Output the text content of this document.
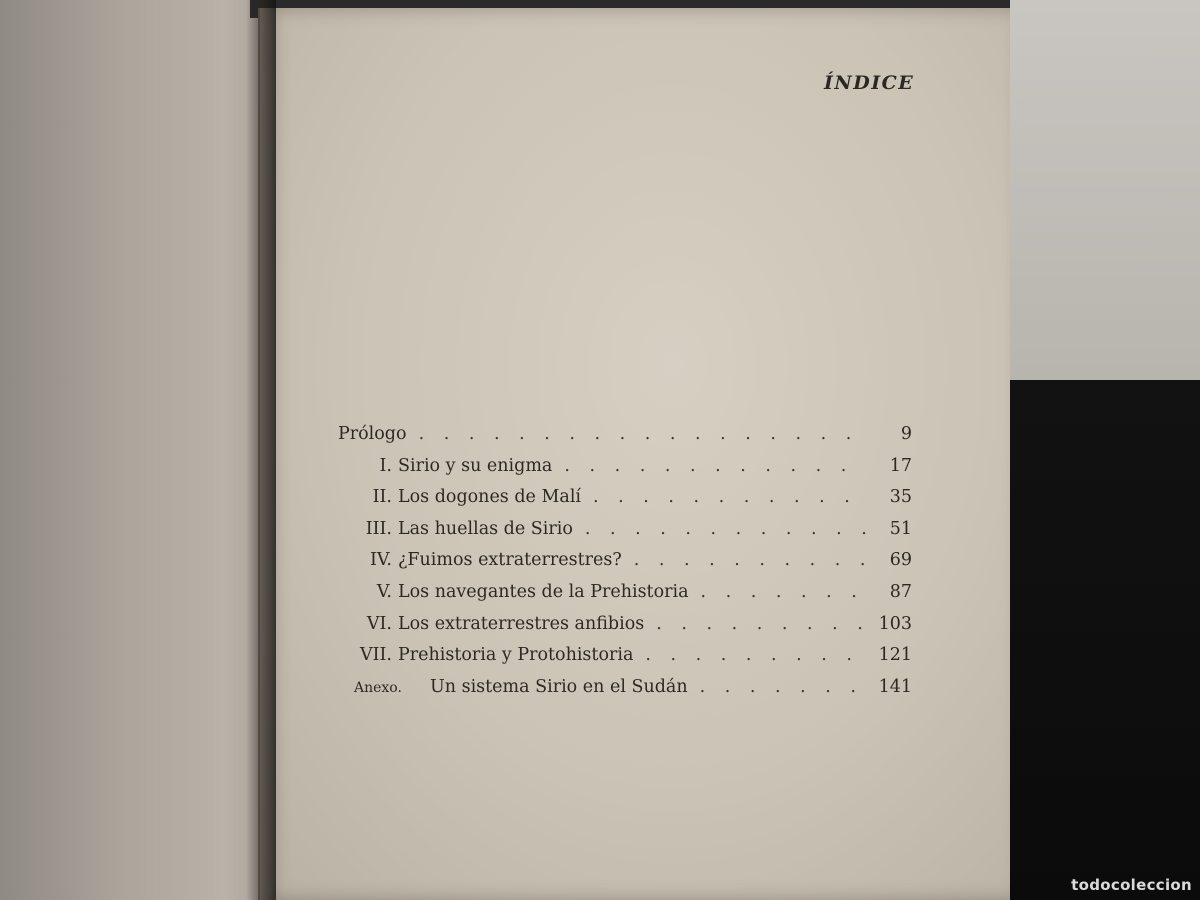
ÍNDICE
Prólogo . . .	9
I. Sirio y su enigma . . .	17
II. Los dogones de Malí . . .	35
III. Las huellas de Sirio . . .	51
IV. ¿Fuimos extraterrestres? . . .	69
V. Los navegantes de la Prehistoria . . .	87
VI. Los extraterrestres anfibios . . .	103
VII. Prehistoria y Protohistoria . . .	121
Anexo.	Un sistema Sirio en el Sudán . . .	141
todocoleccion
